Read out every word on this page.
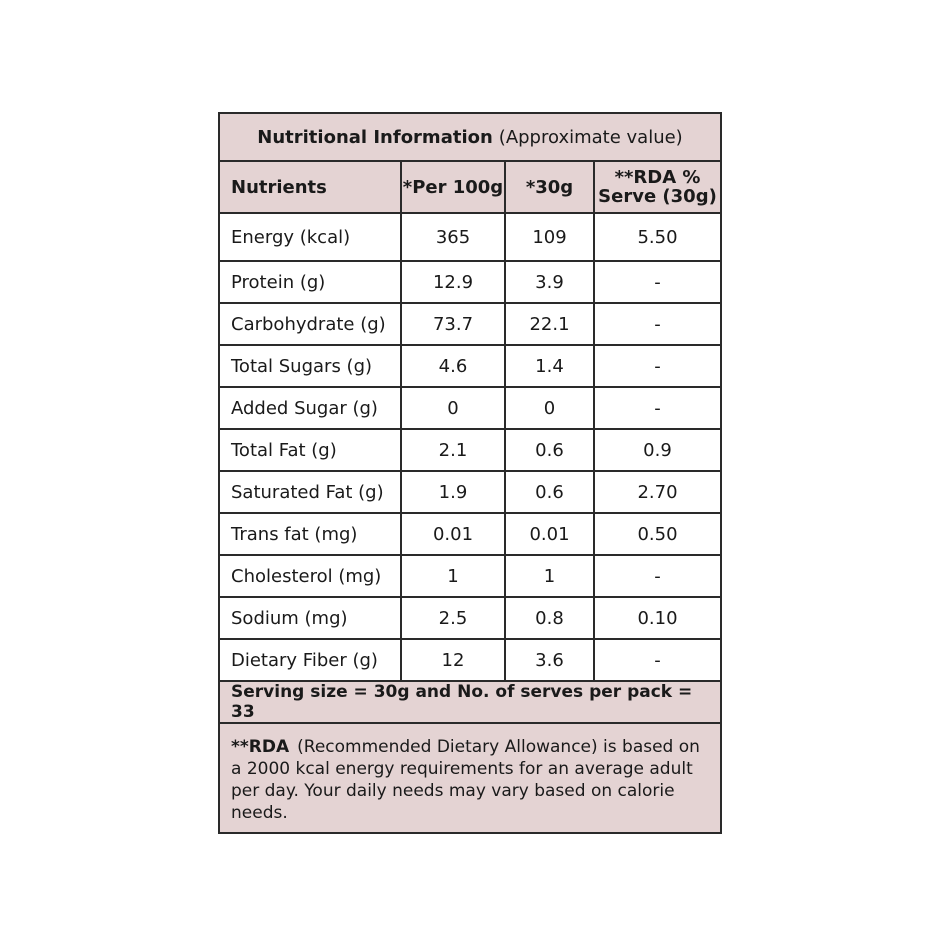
Nutritional Information (Approximate value)
Nutrients	*Per 100g	*30g	**RDA %
Serve (30g)
Energy (kcal)	365	109	5.50
Protein (g)	12.9	3.9	-
Carbohydrate (g)	73.7	22.1	-
Total Sugars (g)	4.6	1.4	-
Added Sugar (g)	0	0	-
Total Fat (g)	2.1	0.6	0.9
Saturated Fat (g)	1.9	0.6	2.70
Trans fat (mg)	0.01	0.01	0.50
Cholesterol (mg)	1	1	-
Sodium (mg)	2.5	0.8	0.10
Dietary Fiber (g)	12	3.6	-
Serving size = 30g and No. of serves per pack = 33
**RDA (Recommended Dietary Allowance) is based on a 2000 kcal energy requirements for an average adult per day. Your daily needs may vary based on calorie needs.
